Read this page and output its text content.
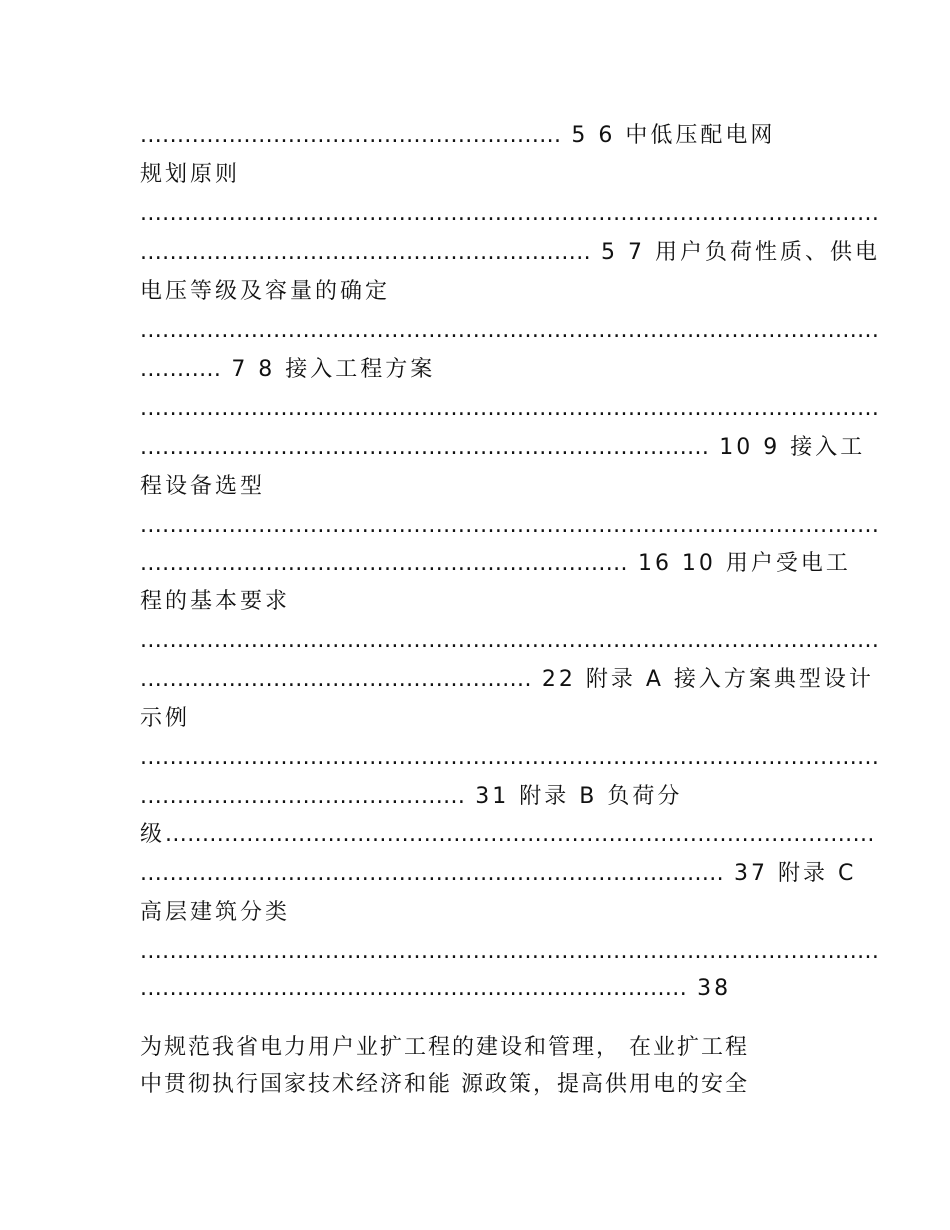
......................................................... 5 6 中低压配电网
规划原则
....................................................................................................
............................................................. 5 7 用户负荷性质、供电
电压等级及容量的确定
....................................................................................................
........... 7 8 接入工程方案
....................................................................................................
............................................................................. 10 9 接入工
程设备选型
....................................................................................................
.................................................................. 16 10 用户受电工
程的基本要求
....................................................................................................
..................................................... 22 附录 A 接入方案典型设计
示例
....................................................................................................
............................................ 31 附录 B 负荷分
级................................................................................................
............................................................................... 37 附录 C
高层建筑分类
....................................................................................................
.......................................................................... 38
为规范我省电力用户业扩工程的建设和管理， 在业扩工程
中贯彻执行国家技术经济和能 源政策，提高供用电的安全
